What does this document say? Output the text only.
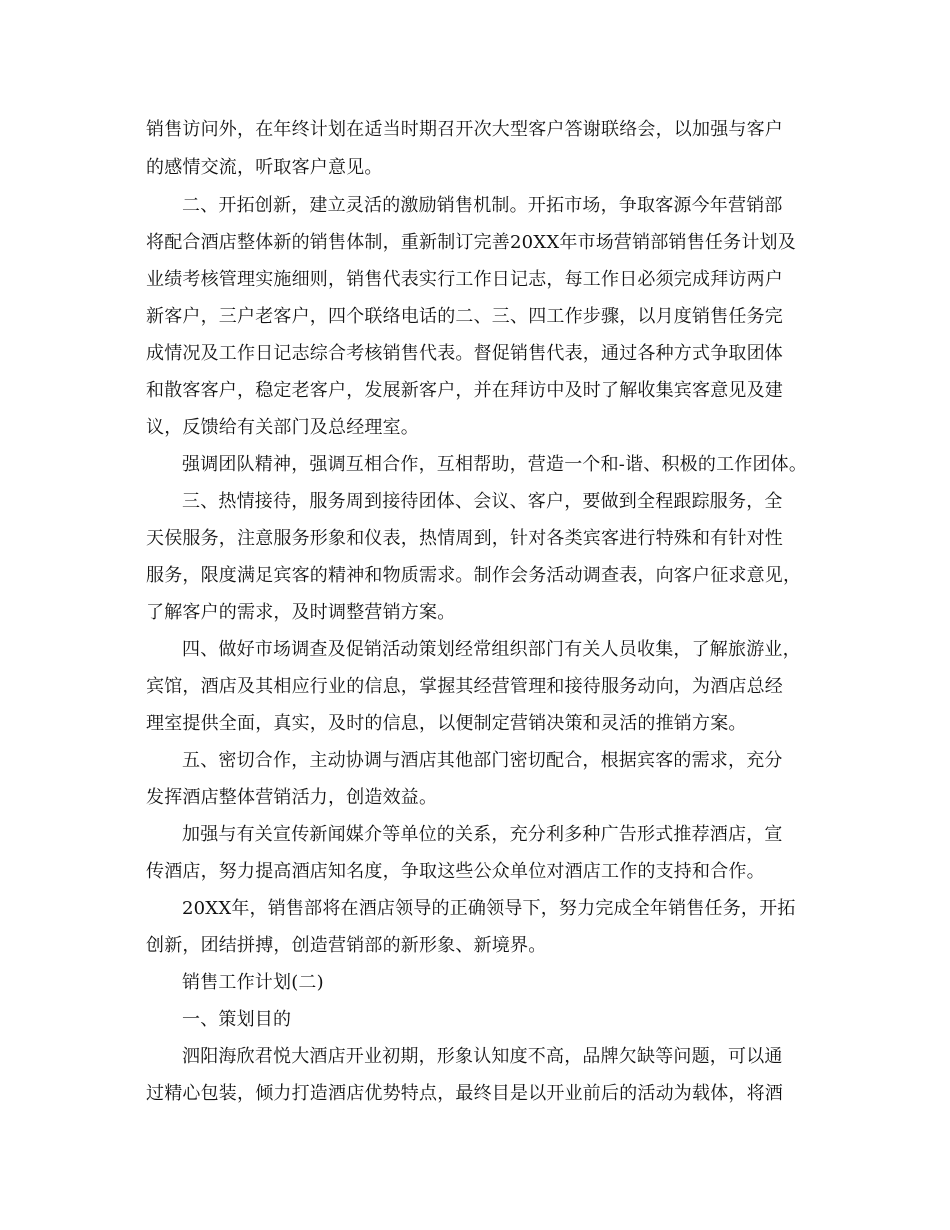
销售访问外，在年终计划在适当时期召开次大型客户答谢联络会，以加强与客户
的感情交流，听取客户意见。
二、开拓创新，建立灵活的激励销售机制。开拓市场，争取客源今年营销部
将配合酒店整体新的销售体制，重新制订完善20XX年市场营销部销售任务计划及
业绩考核管理实施细则，销售代表实行工作日记志，每工作日必须完成拜访两户
新客户，三户老客户，四个联络电话的二、三、四工作步骤，以月度销售任务完
成情况及工作日记志综合考核销售代表。督促销售代表，通过各种方式争取团体
和散客客户，稳定老客户，发展新客户，并在拜访中及时了解收集宾客意见及建
议，反馈给有关部门及总经理室。
强调团队精神，强调互相合作，互相帮助，营造一个和-谐、积极的工作团体。
三、热情接待，服务周到接待团体、会议、客户，要做到全程跟踪服务，全
天侯服务，注意服务形象和仪表，热情周到，针对各类宾客进行特殊和有针对性
服务，限度满足宾客的精神和物质需求。制作会务活动调查表，向客户征求意见，
了解客户的需求，及时调整营销方案。
四、做好市场调查及促销活动策划经常组织部门有关人员收集，了解旅游业，
宾馆，酒店及其相应行业的信息，掌握其经营管理和接待服务动向，为酒店总经
理室提供全面，真实，及时的信息，以便制定营销决策和灵活的推销方案。
五、密切合作，主动协调与酒店其他部门密切配合，根据宾客的需求，充分
发挥酒店整体营销活力，创造效益。
加强与有关宣传新闻媒介等单位的关系，充分利多种广告形式推荐酒店，宣
传酒店，努力提高酒店知名度，争取这些公众单位对酒店工作的支持和合作。
20XX年，销售部将在酒店领导的正确领导下，努力完成全年销售任务，开拓
创新，团结拼搏，创造营销部的新形象、新境界。
销售工作计划(二)
一、策划目的
泗阳海欣君悦大酒店开业初期，形象认知度不高，品牌欠缺等问题，可以通
过精心包装，倾力打造酒店优势特点，最终目是以开业前后的活动为载体，将酒
